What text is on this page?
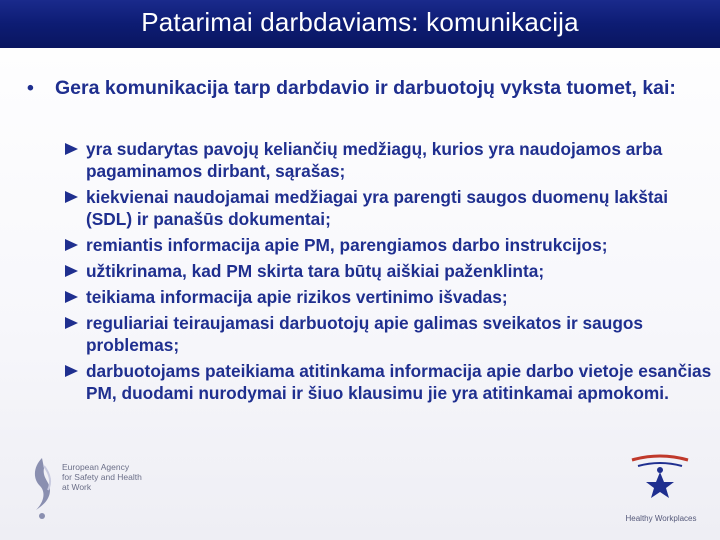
Patarimai darbdaviams: komunikacija
• Gera komunikacija tarp darbdavio ir darbuotojų vyksta tuomet, kai:
yra sudarytas pavojų keliančių medžiagų, kurios yra naudojamos arba pagaminamos dirbant, sąrašas;
kiekvienai naudojamai medžiagai yra parengti saugos duomenų lakštai (SDL) ir panašūs dokumentai;
remiantis informacija apie PM, parengiamos darbo instrukcijos;
užtikrinama, kad PM skirta tara būtų aiškiai paženklinta;
teikiama informacija apie rizikos vertinimo išvadas;
reguliariai teiraujamasi darbuotojų apie galimas sveikatos ir saugos problemas;
darbuotojams pateikiama atitinkama informacija apie darbo vietoje esančias PM, duodami nurodymai ir šiuo klausimu jie yra atitinkamai apmokomi.
European Agency
for Safety and Health
at Work
Healthy Workplaces
